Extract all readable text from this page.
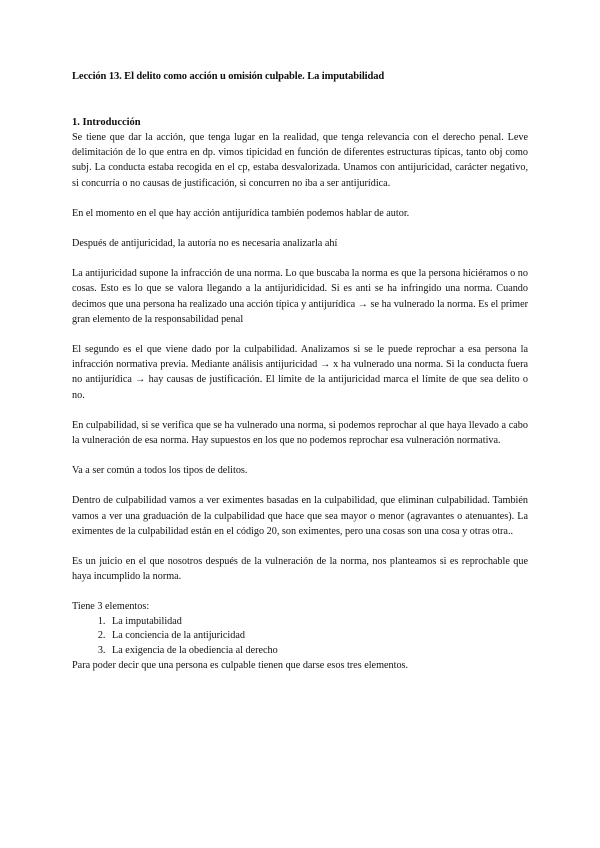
Lección 13. El delito como acción u omisión culpable. La imputabilidad
1. Introducción

Se tiene que dar la acción, que tenga lugar en la realidad, que tenga relevancia con el derecho penal. Leve delimitación de lo que entra en dp. vimos tipicidad en función de diferentes estructuras típicas, tanto obj como subj. La conducta estaba recogida en el cp, estaba desvalorizada. Unamos con antijuricidad, carácter negativo, si concurría o no causas de justificación, si concurren no iba a ser antijurídica.

En el momento en el que hay acción antijurídica también podemos hablar de autor.

Después de antijuricidad, la autoría no es necesaria analizarla ahí

La antijuricidad supone la infracción de una norma. Lo que buscaba la norma es que la persona hiciéramos o no cosas. Esto es lo que se valora llegando a la antijuridicidad. Si es anti se ha infringido una norma. Cuando decimos que una persona ha realizado una acción típica y antijurídica → se ha vulnerado la norma. Es el primer gran elemento de la responsabilidad penal

El segundo es el que viene dado por la culpabilidad. Analizamos si se le puede reprochar a esa persona la infracción normativa previa. Mediante análisis antijuricidad → x ha vulnerado una norma. Si la conducta fuera no antijurídica → hay causas de justificación. El límite de la antijuricidad marca el límite de que sea delito o no.

En culpabilidad, si se verifica que se ha vulnerado una norma, si podemos reprochar al que haya llevado a cabo la vulneración de esa norma. Hay supuestos en los que no podemos reprochar esa vulneración normativa.

Va a ser común a todos los tipos de delitos.

Dentro de culpabilidad vamos a ver eximentes basadas en la culpabilidad, que eliminan culpabilidad. También vamos a ver una graduación de la culpabilidad que hace que sea mayor o menor (agravantes o atenuantes). La eximentes de la culpabilidad están en el código 20, son eximentes, pero una cosas son una cosa y otras otra..

Es un juicio en el que nosotros después de la vulneración de la norma, nos planteamos si es reprochable que haya incumplido la norma.

Tiene 3 elementos:

1. La imputabilidad
2. La conciencia de la antijuricidad
3. La exigencia de la obediencia al derecho

Para poder decir que una persona es culpable tienen que darse esos tres elementos.
